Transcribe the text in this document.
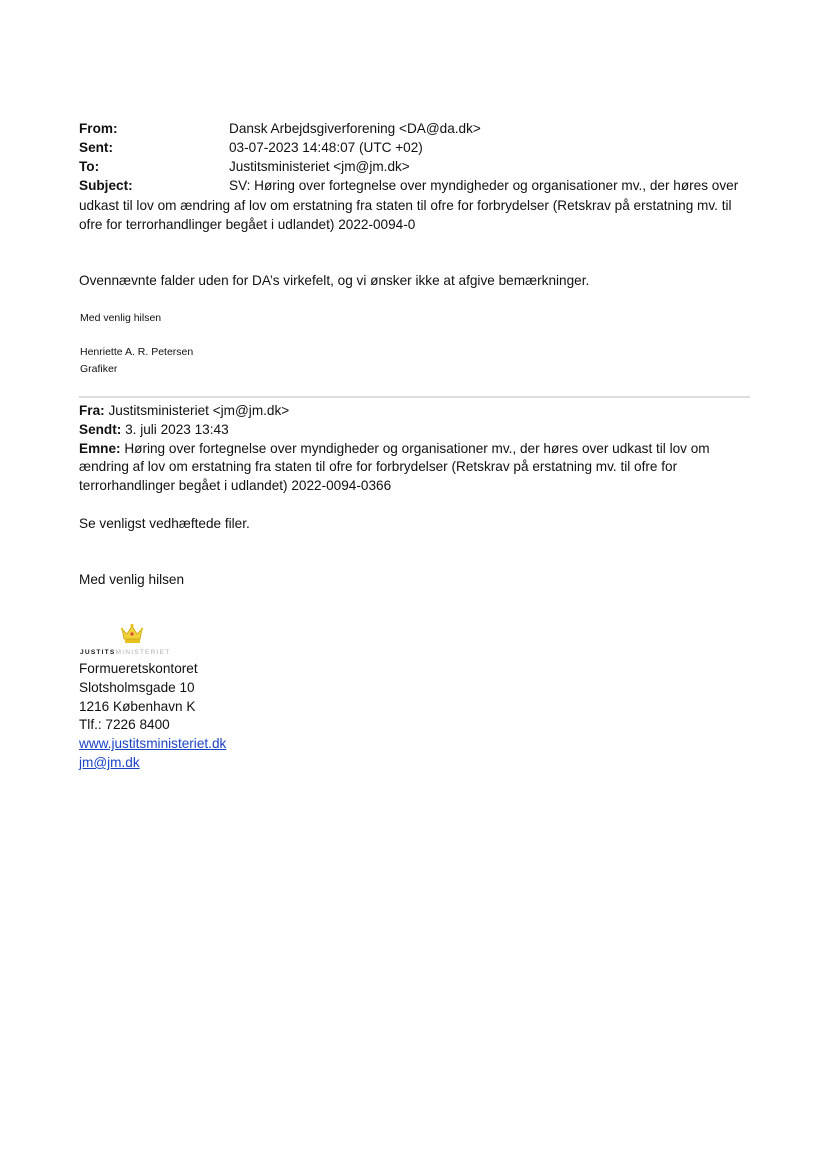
From:	Dansk Arbejdsgiverforening <DA@da.dk>
Sent:	03-07-2023 14:48:07 (UTC +02)
To:	Justitsministeriet <jm@jm.dk>
Subject:	SV: Høring over fortegnelse over myndigheder og organisationer mv., der høres over udkast til lov om ændring af lov om erstatning fra staten til ofre for forbrydelser (Retskrav på erstatning mv. til ofre for terrorhandlinger begået i udlandet) 2022-0094-0
Ovennævnte falder uden for DA’s virkefelt, og vi ønsker ikke at afgive bemærkninger.
Med venlig hilsen
Henriette A. R. Petersen
Grafiker
Fra: Justitsministeriet <jm@jm.dk>
Sendt: 3. juli 2023 13:43
Emne: Høring over fortegnelse over myndigheder og organisationer mv., der høres over udkast til lov om ændring af lov om erstatning fra staten til ofre for forbrydelser (Retskrav på erstatning mv. til ofre for terrorhandlinger begået i udlandet) 2022-0094-0366
Se venligst vedhæftede filer.
Med venlig hilsen
JUSTITSMINISTERIET
Formueretskontoret
Slotsholmsgade 10
1216 København K
Tlf.: 7226 8400
www.justitsministeriet.dk
jm@jm.dk
